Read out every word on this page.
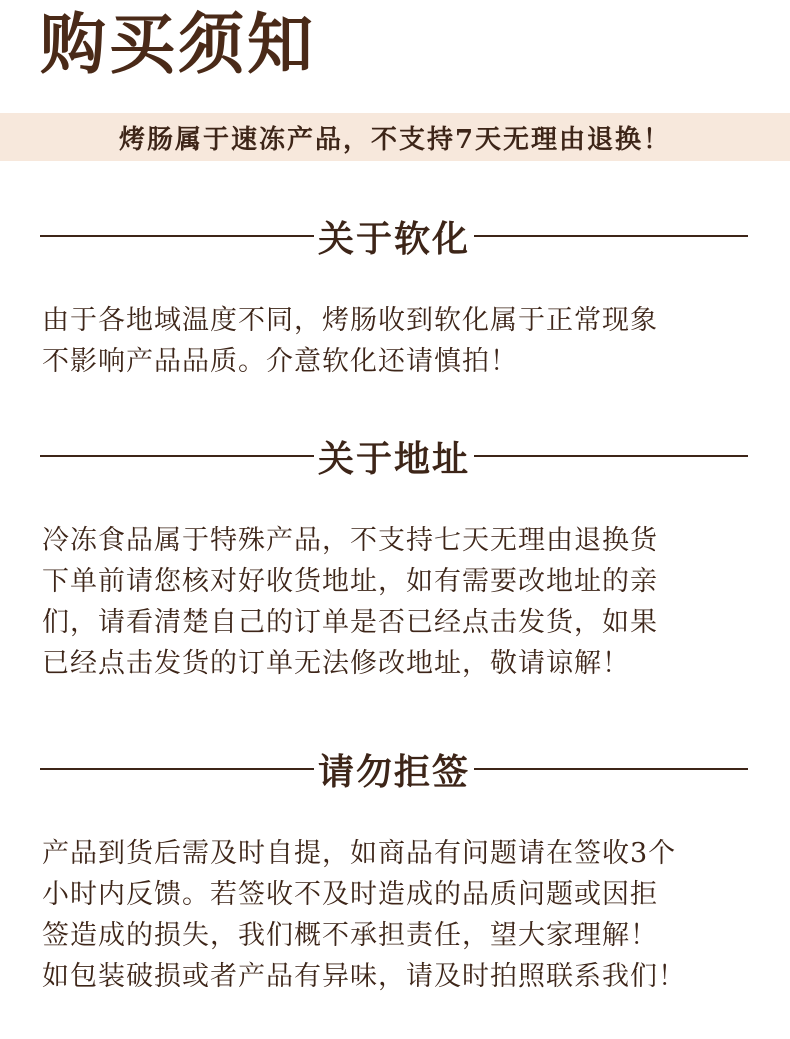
购买须知
烤肠属于速冻产品，不支持7天无理由退换！
关于软化

由于各地域温度不同，烤肠收到软化属于正常现象
不影响产品品质。介意软化还请慎拍！

关于地址

冷冻食品属于特殊产品，不支持七天无理由退换货
下单前请您核对好收货地址，如有需要改地址的亲
们，请看清楚自己的订单是否已经点击发货，如果
已经点击发货的订单无法修改地址，敬请谅解！

请勿拒签

产品到货后需及时自提，如商品有问题请在签收3个
小时内反馈。若签收不及时造成的品质问题或因拒
签造成的损失，我们概不承担责任，望大家理解！
如包装破损或者产品有异味，请及时拍照联系我们！
